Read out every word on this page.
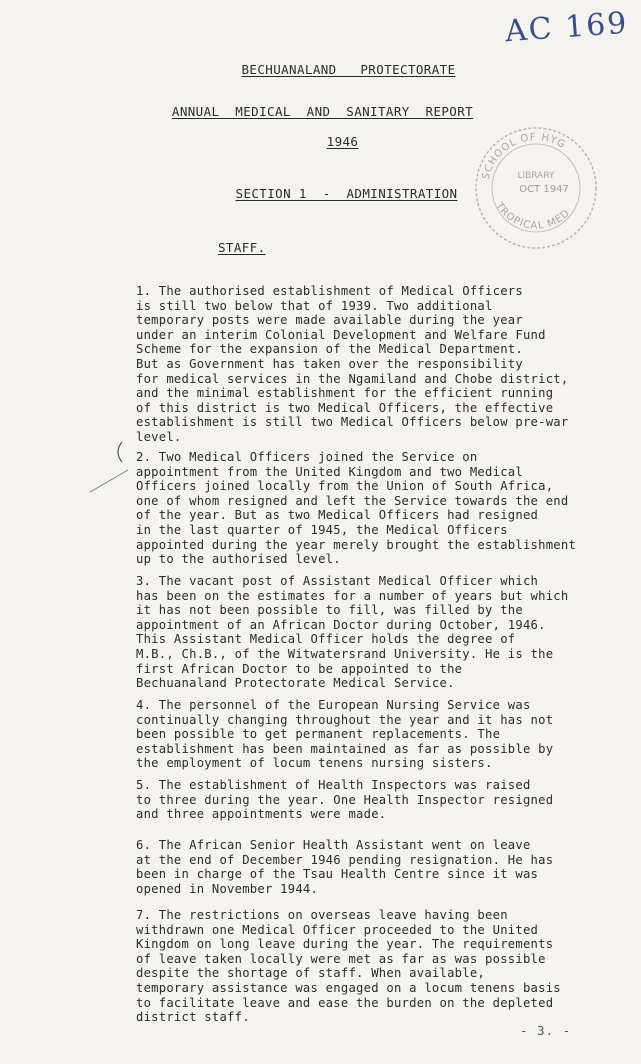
AC 169
BECHUANALAND   PROTECTORATE
ANNUAL  MEDICAL  AND  SANITARY  REPORT
1946
SECTION 1  -  ADMINISTRATION
STAFF.
SCHOOL OF HYG
LIBRARY
OCT 1947
TROPICAL MED

1. The authorised establishment of Medical Officers
is still two below that of 1939. Two additional
temporary posts were made available during the year
under an interim Colonial Development and Welfare Fund
Scheme for the expansion of the Medical Department.
But as Government has taken over the responsibility
for medical services in the Ngamiland and Chobe district,
and the minimal establishment for the efficient running
of this district is two Medical Officers, the effective
establishment is still two Medical Officers below pre-war
level.

2. Two Medical Officers joined the Service on
appointment from the United Kingdom and two Medical
Officers joined locally from the Union of South Africa,
one of whom resigned and left the Service towards the end
of the year. But as two Medical Officers had resigned
in the last quarter of 1945, the Medical Officers
appointed during the year merely brought the establishment
up to the authorised level.

3. The vacant post of Assistant Medical Officer which
has been on the estimates for a number of years but which
it has not been possible to fill, was filled by the
appointment of an African Doctor during October, 1946.
This Assistant Medical Officer holds the degree of
M.B., Ch.B., of the Witwatersrand University. He is the
first African Doctor to be appointed to the
Bechuanaland Protectorate Medical Service.

4. The personnel of the European Nursing Service was
continually changing throughout the year and it has not
been possible to get permanent replacements. The
establishment has been maintained as far as possible by
the employment of locum tenens nursing sisters.

5. The establishment of Health Inspectors was raised
to three during the year. One Health Inspector resigned
and three appointments were made.

6. The African Senior Health Assistant went on leave
at the end of December 1946 pending resignation. He has
been in charge of the Tsau Health Centre since it was
opened in November 1944.

7. The restrictions on overseas leave having been
withdrawn one Medical Officer proceeded to the United
Kingdom on long leave during the year. The requirements
of leave taken locally were met as far as was possible
despite the shortage of staff. When available,
temporary assistance was engaged on a locum tenens basis
to facilitate leave and ease the burden on the depleted
district staff.

- 3. -
